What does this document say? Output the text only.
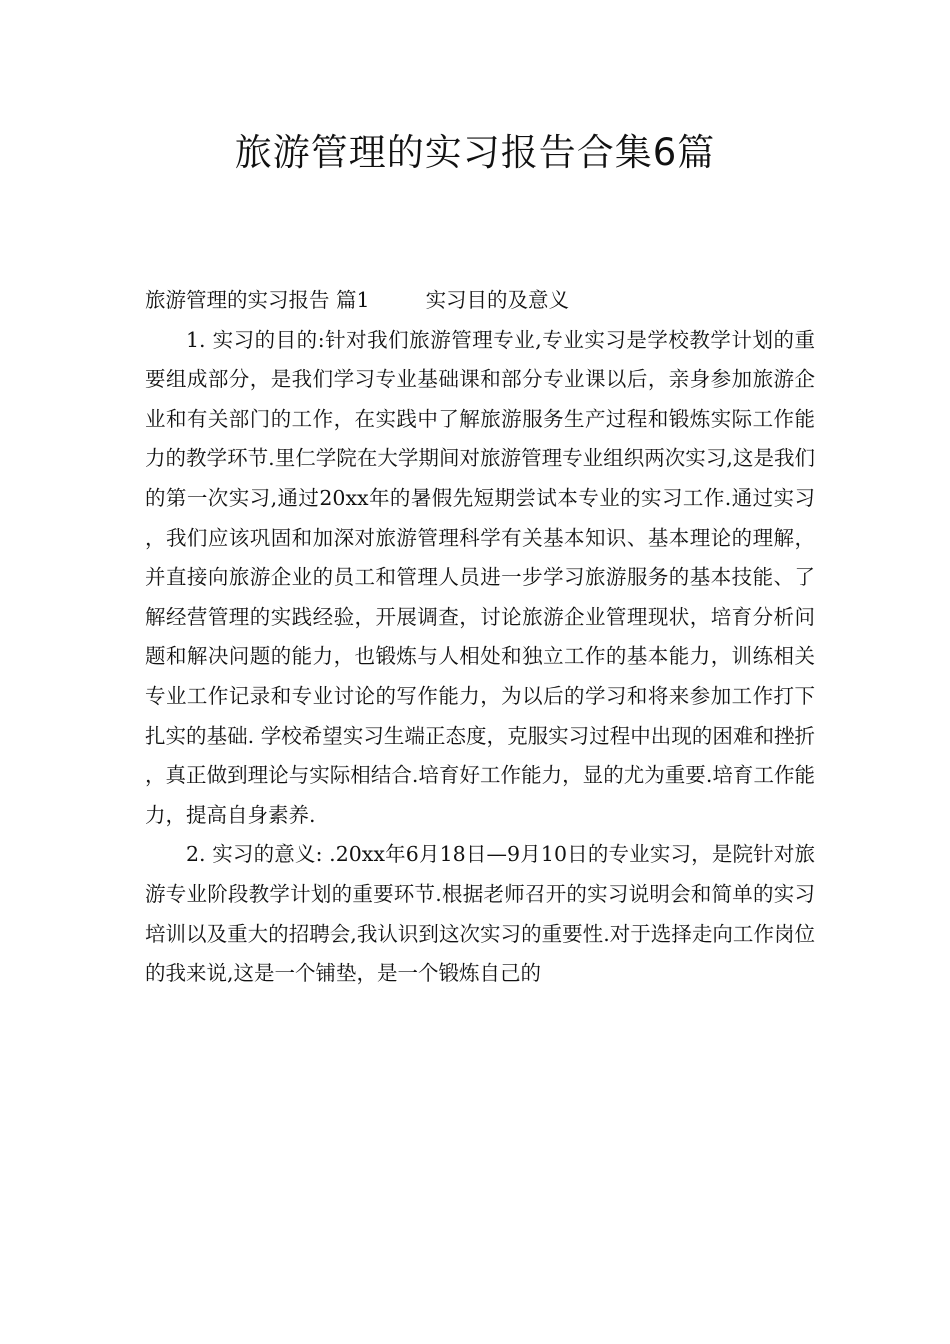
旅游管理的实习报告合集6篇

旅游管理的实习报告 篇1	实习目的及意义

1. 实习的目的:针对我们旅游管理专业,专业实习是学校教学计划的重要组成部分，是我们学习专业基础课和部分专业课以后，亲身参加旅游企业和有关部门的工作，在实践中了解旅游服务生产过程和锻炼实际工作能力的教学环节.里仁学院在大学期间对旅游管理专业组织两次实习,这是我们的第一次实习,通过20xx年的暑假先短期尝试本专业的实习工作.通过实习，我们应该巩固和加深对旅游管理科学有关基本知识、基本理论的理解，并直接向旅游企业的员工和管理人员进一步学习旅游服务的基本技能、了解经营管理的实践经验，开展调查，讨论旅游企业管理现状，培育分析问题和解决问题的能力，也锻炼与人相处和独立工作的基本能力，训练相关专业工作记录和专业讨论的写作能力，为以后的学习和将来参加工作打下扎实的基础. 学校希望实习生端正态度，克服实习过程中出现的困难和挫折，真正做到理论与实际相结合.培育好工作能力，显的尤为重要.培育工作能力，提高自身素养.

2. 实习的意义: .20xx年6月18日—9月10日的专业实习，是院针对旅游专业阶段教学计划的重要环节.根据老师召开的实习说明会和简单的实习培训以及重大的招聘会,我认识到这次实习的重要性.对于选择走向工作岗位的我来说,这是一个铺垫，是一个锻炼自己的
